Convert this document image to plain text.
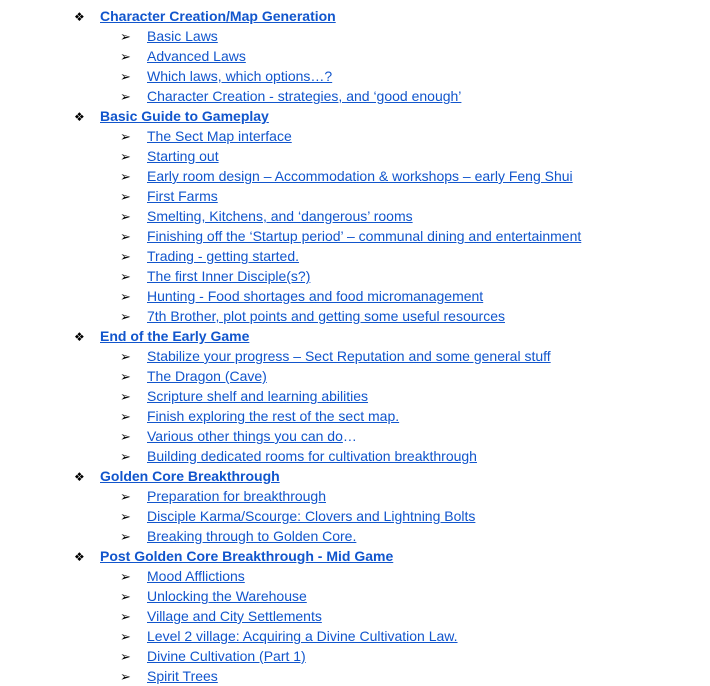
❖	Character Creation/Map Generation
➢	Basic Laws
➢	Advanced Laws
➢	Which laws, which options…?
➢	Character Creation - strategies, and ‘good enough’
❖	Basic Guide to Gameplay
➢	The Sect Map interface
➢	Starting out
➢	Early room design – Accommodation & workshops – early Feng Shui
➢	First Farms
➢	Smelting, Kitchens, and ‘dangerous’ rooms
➢	Finishing off the ‘Startup period’ – communal dining and entertainment
➢	Trading - getting started.
➢	The first Inner Disciple(s?)
➢	Hunting - Food shortages and food micromanagement
➢	7th Brother, plot points and getting some useful resources
❖	End of the Early Game
➢	Stabilize your progress – Sect Reputation and some general stuff
➢	The Dragon (Cave)
➢	Scripture shelf and learning abilities
➢	Finish exploring the rest of the sect map.
➢	Various other things you can do …
➢	Building dedicated rooms for cultivation breakthrough
❖	Golden Core Breakthrough
➢	Preparation for breakthrough
➢	Disciple Karma/Scourge: Clovers and Lightning Bolts
➢	Breaking through to Golden Core.
❖	Post Golden Core Breakthrough - Mid Game
➢	Mood Afflictions
➢	Unlocking the Warehouse
➢	Village and City Settlements
➢	Level 2 village: Acquiring a Divine Cultivation Law.
➢	Divine Cultivation (Part 1)
➢	Spirit Trees
